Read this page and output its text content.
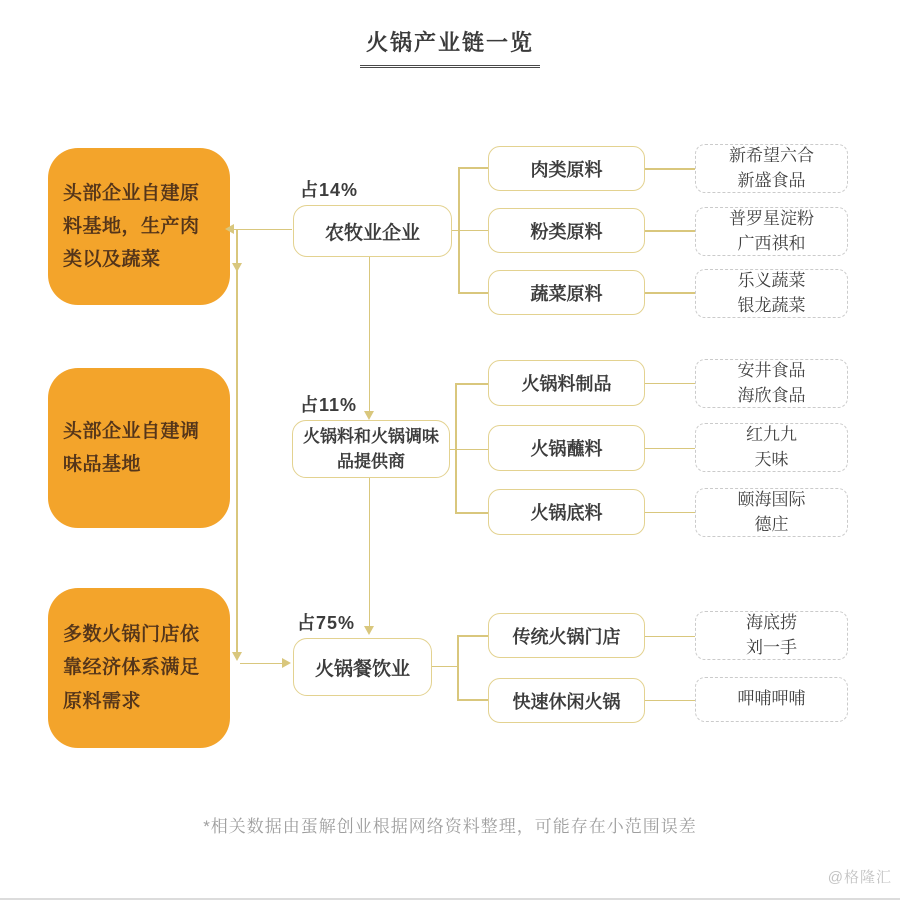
火锅产业链一览
头部企业自建原料基地，生产肉类以及蔬菜
头部企业自建调味品基地
多数火锅门店依靠经济体系满足原料需求
占14%
农牧业企业
占11%
火锅料和火锅调味品提供商
占75%
火锅餐饮业
肉类原料
粉类原料
蔬菜原料
火锅料制品
火锅蘸料
火锅底料
传统火锅门店
快速休闲火锅
新希望六合
新盛食品
普罗星淀粉
广西祺和
乐义蔬菜
银龙蔬菜
安井食品
海欣食品
红九九
天味
颐海国际
德庄
海底捞
刘一手
呷哺呷哺
*相关数据由蛋解创业根据网络资料整理，可能存在小范围误差
@格隆汇
